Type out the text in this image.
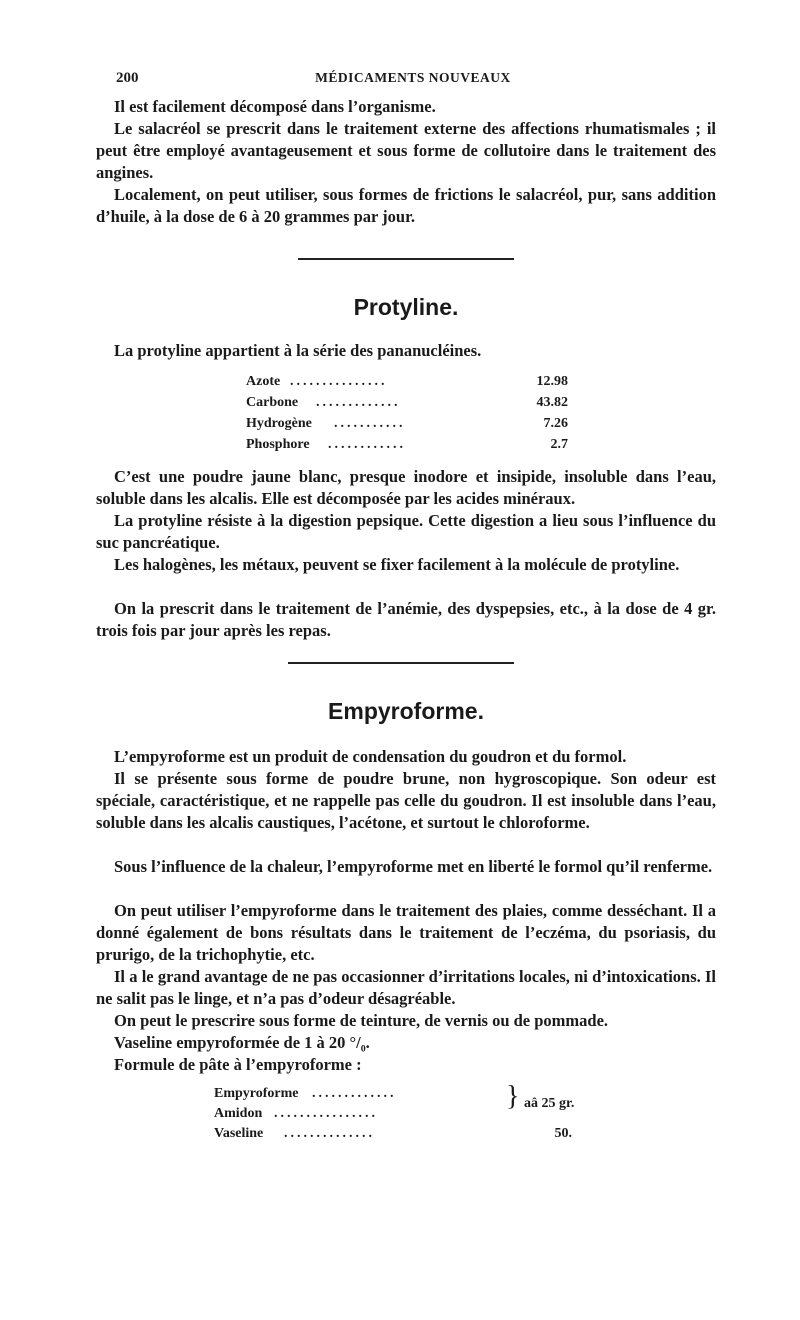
200	MÉDICAMENTS NOUVEAUX

Il est facilement décomposé dans l’organisme.

Le salacréol se prescrit dans le traitement externe des affections rhumatismales ; il peut être employé avantageusement et sous forme de collutoire dans le traitement des angines.

Localement, on peut utiliser, sous formes de frictions le salacréol, pur, sans addition d’huile, à la dose de 6 à 20 grammes par jour.

Protyline.

La protyline appartient à la série des pananucléines.

Azote ...............	12.98
Carbone .............	43.82
Hydrogène ...........	7.26
Phosphore ............	2.7

C’est une poudre jaune blanc, presque inodore et insipide, insoluble dans l’eau, soluble dans les alcalis. Elle est décomposée par les acides minéraux.

La protyline résiste à la digestion pepsique. Cette digestion a lieu sous l’influence du suc pancréatique.

Les halogènes, les métaux, peuvent se fixer facilement à la molécule de protyline.

On la prescrit dans le traitement de l’anémie, des dyspepsies, etc., à la dose de 4 gr. trois fois par jour après les repas.

Empyroforme.

L’empyroforme est un produit de condensation du goudron et du formol.

Il se présente sous forme de poudre brune, non hygroscopique. Son odeur est spéciale, caractéristique, et ne rappelle pas celle du goudron. Il est insoluble dans l’eau, soluble dans les alcalis caustiques, l’acétone, et surtout le chloroforme.

Sous l’influence de la chaleur, l’empyroforme met en liberté le formol qu’il renferme.

On peut utiliser l’empyroforme dans le traitement des plaies, comme desséchant. Il a donné également de bons résultats dans le traitement de l’eczéma, du psoriasis, du prurigo, de la trichophytie, etc.

Il a le grand avantage de ne pas occasionner d’irritations locales, ni d’intoxications. Il ne salit pas le linge, et n’a pas d’odeur désagréable.

On peut le prescrire sous forme de teinture, de vernis ou de pommade.

Vaseline empyroformée de 1 à 20 °/₀.

Formule de pâte à l’empyroforme :

Empyroforme .............
Amidon ................
} aâ 25 gr.
Vaseline ..............	50.
